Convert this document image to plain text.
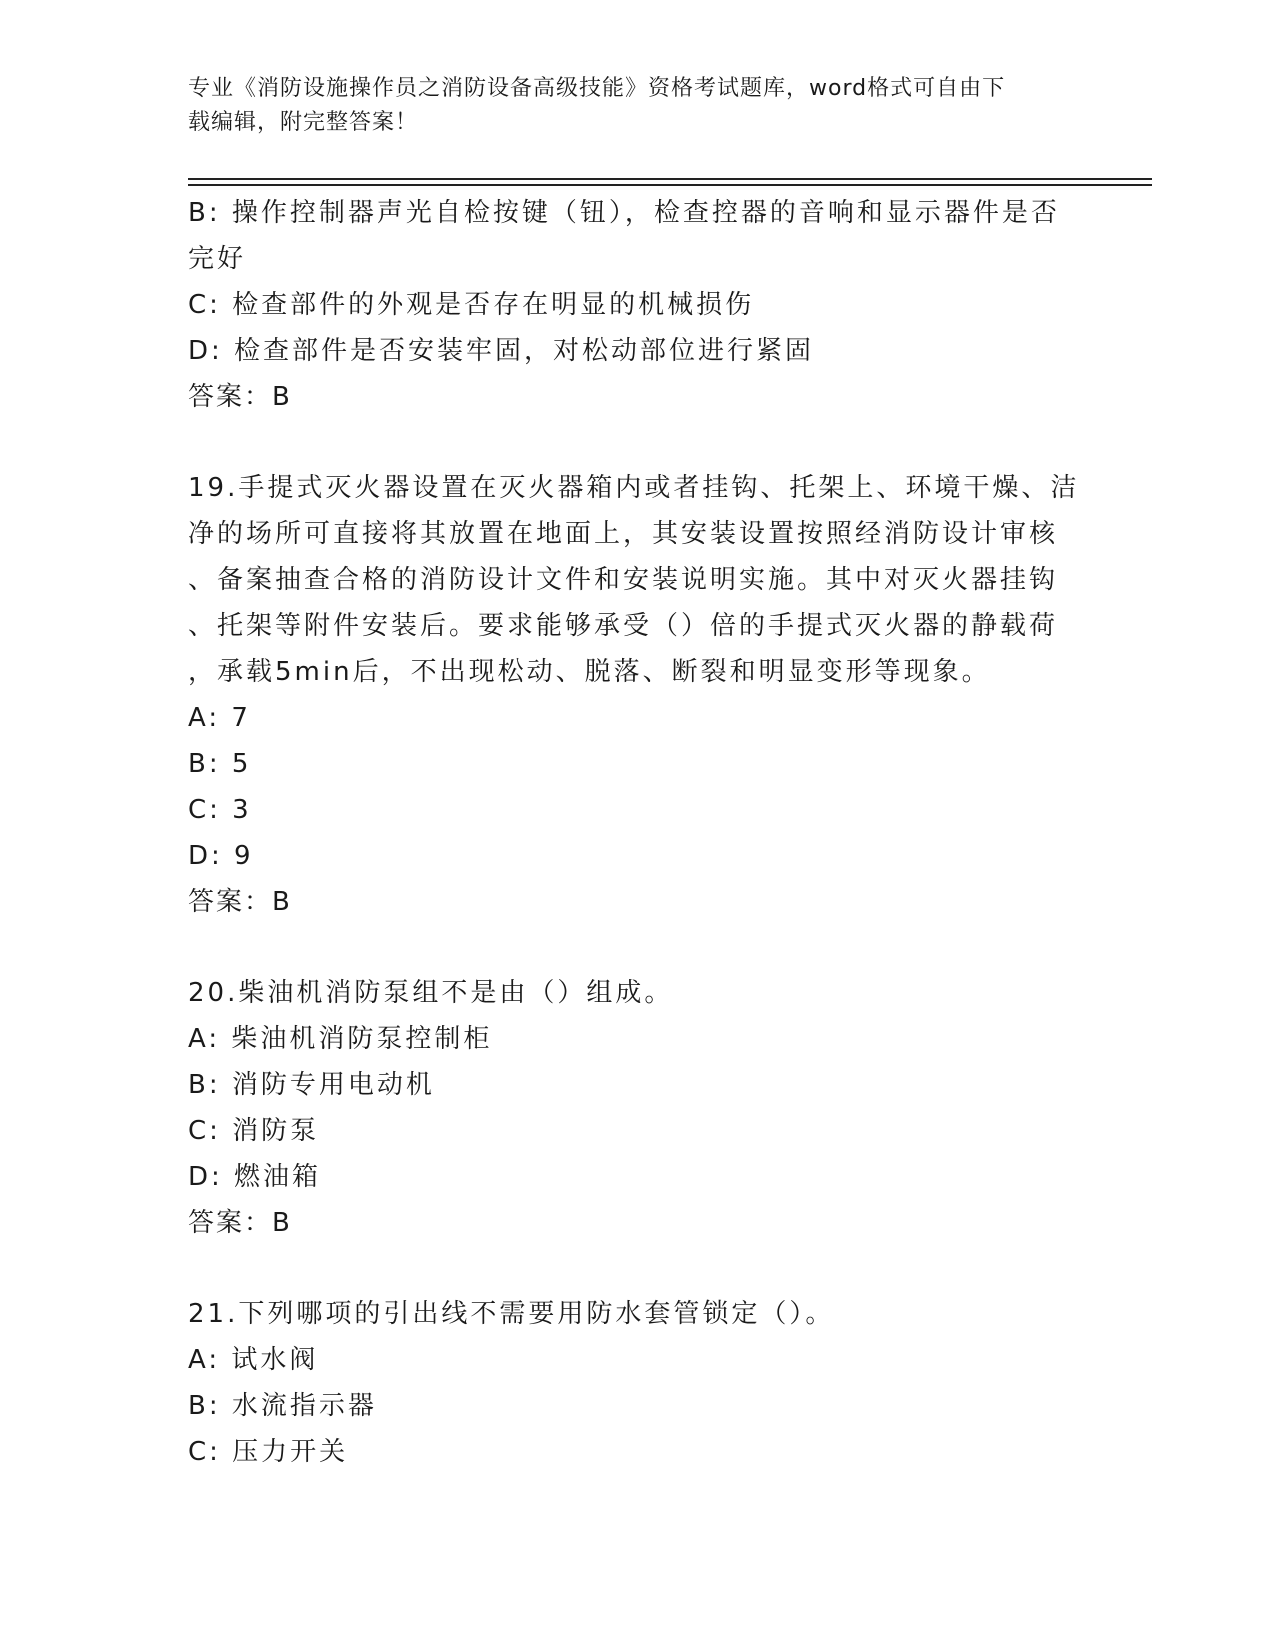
专业《消防设施操作员之消防设备高级技能》资格考试题库，word格式可自由下
载编辑，附完整答案！
B: 操作控制器声光自检按键（钮），检查控器的音响和显示器件是否
完好
C: 检查部件的外观是否存在明显的机械损伤
D: 检查部件是否安装牢固，对松动部位进行紧固
答案：B
19.手提式灭火器设置在灭火器箱内或者挂钩、托架上、环境干燥、洁
净的场所可直接将其放置在地面上，其安装设置按照经消防设计审核
、备案抽查合格的消防设计文件和安装说明实施。其中对灭火器挂钩
、托架等附件安装后。要求能够承受（）倍的手提式灭火器的静载荷
，承载5min后，不出现松动、脱落、断裂和明显变形等现象。
A: 7
B: 5
C: 3
D: 9
答案：B
20.柴油机消防泵组不是由（）组成。
A: 柴油机消防泵控制柜
B: 消防专用电动机
C: 消防泵
D: 燃油箱
答案：B
21.下列哪项的引出线不需要用防水套管锁定（）。
A: 试水阀
B: 水流指示器
C: 压力开关
